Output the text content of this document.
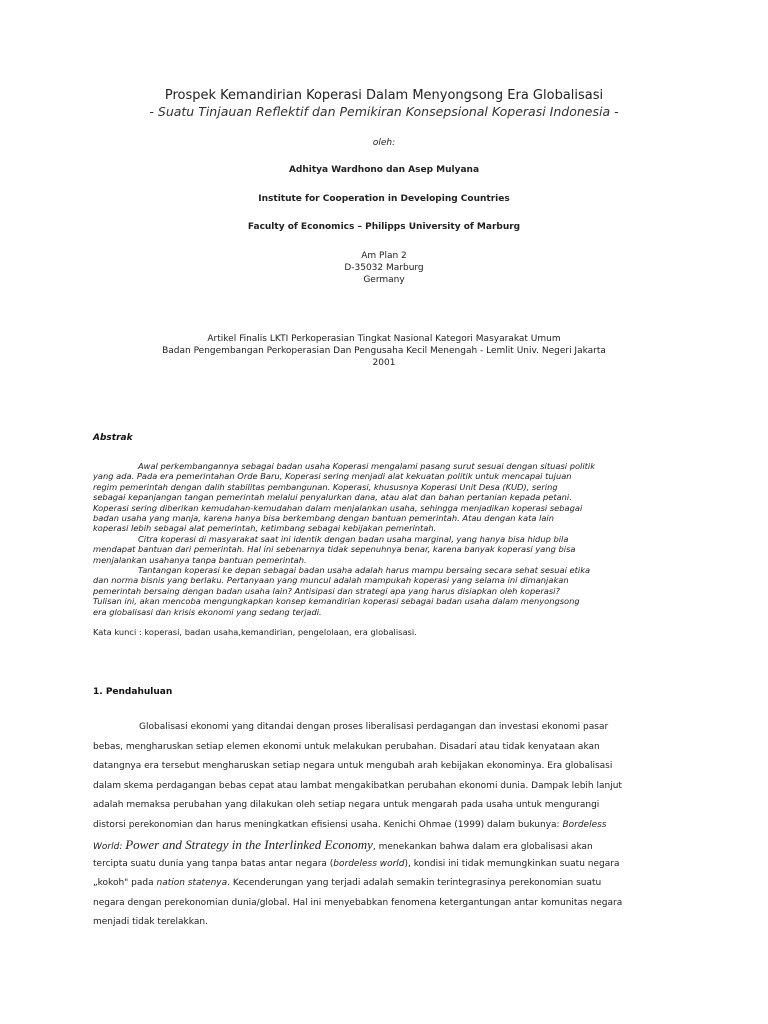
Prospek Kemandirian Koperasi Dalam Menyongsong Era Globalisasi
- Suatu Tinjauan Reflektif dan Pemikiran Konsepsional Koperasi Indonesia -
oleh:
Adhitya Wardhono dan Asep Mulyana
Institute for Cooperation in Developing Countries
Faculty of Economics – Philipps University of Marburg
Am Plan 2
D-35032 Marburg
Germany
Artikel Finalis LKTI Perkoperasian Tingkat Nasional Kategori Masyarakat Umum
Badan Pengembangan Perkoperasian Dan Pengusaha Kecil Menengah - Lemlit Univ. Negeri Jakarta
2001
Abstrak
Awal perkembangannya sebagai badan usaha Koperasi mengalami pasang surut sesuai dengan situasi politik
yang ada. Pada era pemerintahan Orde Baru, Koperasi sering menjadi alat kekuatan politik untuk mencapai tujuan
regim pemerintah dengan dalih stabilitas pembangunan. Koperasi, khususnya Koperasi Unit Desa (KUD), sering
sebagai kepanjangan tangan pemerintah melalui penyalurkan dana, atau alat dan bahan pertanian kepada petani.
Koperasi sering diberikan kemudahan-kemudahan dalam menjalankan usaha, sehingga menjadikan koperasi sebagai
badan usaha yang manja, karena hanya bisa berkembang dengan bantuan pemerintah. Atau dengan kata lain
koperasi lebih sebagai alat pemerintah, ketimbang sebagai kebijakan pemerintah.
Citra koperasi di masyarakat saat ini identik dengan badan usaha marginal, yang hanya bisa hidup bila
mendapat bantuan dari pemerintah. Hal ini sebenarnya tidak sepenuhnya benar, karena banyak koperasi yang bisa
menjalankan usahanya tanpa bantuan pemerintah.
Tantangan koperasi ke depan sebagai badan usaha adalah harus mampu bersaing secara sehat sesuai etika
dan norma bisnis yang berlaku. Pertanyaan yang muncul adalah mampukah koperasi yang selama ini dimanjakan
pemerintah bersaing dengan badan usaha lain? Antisipasi dan strategi apa yang harus disiapkan oleh koperasi?
Tulisan ini, akan mencoba mengungkapkan konsep kemandirian koperasi sebagai badan usaha dalam menyongsong
era globalisasi dan krisis ekonomi yang sedang terjadi.
Kata kunci : koperasi, badan usaha,kemandirian, pengelolaan, era globalisasi.
1. Pendahuluan
Globalisasi ekonomi yang ditandai dengan proses liberalisasi perdagangan dan investasi ekonomi pasar
bebas, mengharuskan setiap elemen ekonomi untuk melakukan perubahan. Disadari atau tidak kenyataan akan
datangnya era tersebut mengharuskan setiap negara untuk mengubah arah kebijakan ekonominya. Era globalisasi
dalam skema perdagangan bebas cepat atau lambat mengakibatkan perubahan ekonomi dunia. Dampak lebih lanjut
adalah memaksa perubahan yang dilakukan oleh setiap negara untuk mengarah pada usaha untuk mengurangi
distorsi perekonomian dan harus meningkatkan efisiensi usaha. Kenichi Ohmae (1999) dalam bukunya: Bordeless
World: Power and Strategy in the Interlinked Economy, menekankan bahwa dalam era globalisasi akan
tercipta suatu dunia yang tanpa batas antar negara (bordeless world), kondisi ini tidak memungkinkan suatu negara
„kokoh" pada nation statenya. Kecenderungan yang terjadi adalah semakin terintegrasinya perekonomian suatu
negara dengan perekonomian dunia/global. Hal ini menyebabkan fenomena ketergantungan antar komunitas negara
menjadi tidak terelakkan.
